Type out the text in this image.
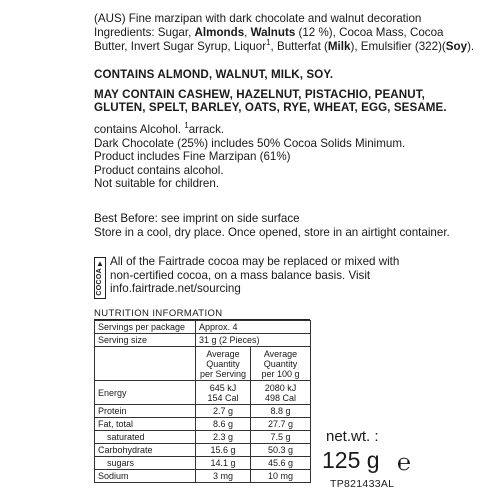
(AUS) Fine marzipan with dark chocolate and walnut decoration
Ingredients: Sugar, Almonds, Walnuts (12 %), Cocoa Mass, Cocoa
Butter, Invert Sugar Syrup, Liquor$^1$, Butterfat (Milk), Emulsifier (322)(Soy).
CONTAINS ALMOND, WALNUT, MILK, SOY.
MAY CONTAIN CASHEW, HAZELNUT, PISTACHIO, PEANUT,
GLUTEN, SPELT, BARLEY, OATS, RYE, WHEAT, EGG, SESAME.
contains Alcohol. $^1$arrack.
Dark Chocolate (25%) includes 50% Cocoa Solids Minimum.
Product includes Fine Marzipan (61%)
Product contains alcohol.
Not suitable for children.
Best Before: see imprint on side surface
Store in a cool, dry place. Once opened, store in an airtight container.
▲
COCOA
All of the Fairtrade cocoa may be replaced or mixed with
non-certified cocoa, on a mass balance basis. Visit
info.fairtrade.net/sourcing
NUTRITION INFORMATION
Servings per package	Approx. 4	
Serving size	31 g (2 Pieces)	

	Average
Quantity
per Serving	Average
Quantity
per 100 g

Energy	645 kJ
154 Cal	2080 kJ
498 Cal

Protein	2.7 g	8.8 g
Fat, total	8.6 g	27.7 g
saturated	2.3 g	7.5 g
Carbohydrate	15.6 g	50.3 g
sugars	14.1 g	45.6 g
Sodium	3 mg	10 mg
net.wt. :
125 g ℮
TP821433AL
